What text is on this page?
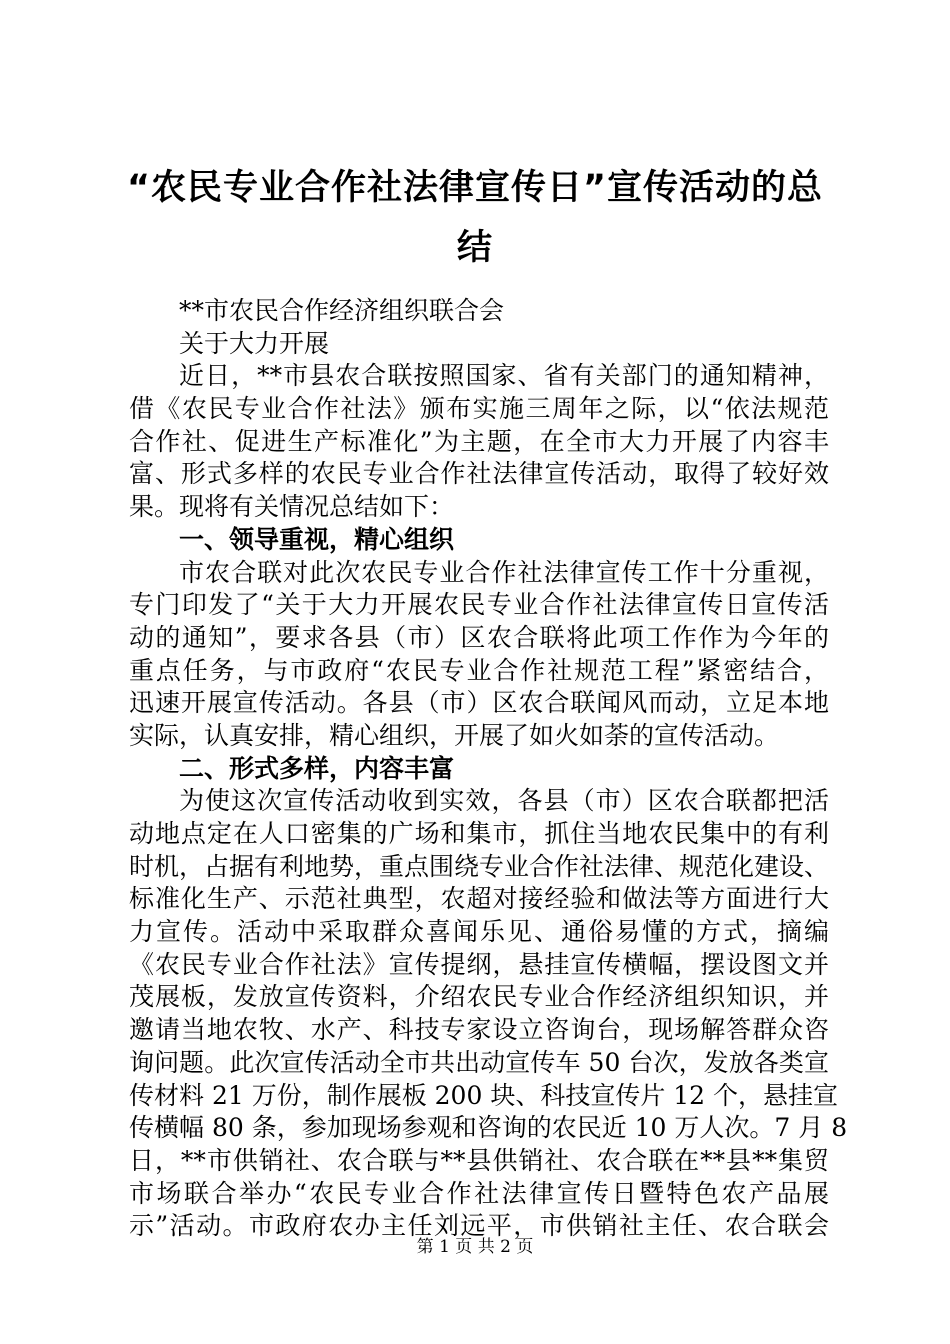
“农民专业合作社法律宣传日”宣传活动的总
结
**市农民合作经济组织联合会
关于大力开展
近日，**市县农合联按照国家、省有关部门的通知精神，
借《农民专业合作社法》颁布实施三周年之际，以“依法规范
合作社、促进生产标准化”为主题，在全市大力开展了内容丰
富、形式多样的农民专业合作社法律宣传活动，取得了较好效
果。现将有关情况总结如下：
一、领导重视，精心组织
市农合联对此次农民专业合作社法律宣传工作十分重视，
专门印发了“关于大力开展农民专业合作社法律宣传日宣传活
动的通知”，要求各县（市）区农合联将此项工作作为今年的
重点任务，与市政府“农民专业合作社规范工程”紧密结合，
迅速开展宣传活动。各县（市）区农合联闻风而动，立足本地
实际，认真安排，精心组织，开展了如火如荼的宣传活动。
二、形式多样，内容丰富
为使这次宣传活动收到实效，各县（市）区农合联都把活
动地点定在人口密集的广场和集市，抓住当地农民集中的有利
时机，占据有利地势，重点围绕专业合作社法律、规范化建设、
标准化生产、示范社典型，农超对接经验和做法等方面进行大
力宣传。活动中采取群众喜闻乐见、通俗易懂的方式，摘编
《农民专业合作社法》宣传提纲，悬挂宣传横幅，摆设图文并
茂展板，发放宣传资料，介绍农民专业合作经济组织知识，并
邀请当地农牧、水产、科技专家设立咨询台，现场解答群众咨
询问题。此次宣传活动全市共出动宣传车 50 台次，发放各类宣
传材料 21 万份，制作展板 200 块、科技宣传片 12 个，悬挂宣
传横幅 80 条，参加现场参观和咨询的农民近 10 万人次。7 月 8
日，**市供销社、农合联与**县供销社、农合联在**县**集贸
市场联合举办“农民专业合作社法律宣传日暨特色农产品展
示”活动。市政府农办主任刘远平，市供销社主任、农合联会
第 1 页 共 2 页
